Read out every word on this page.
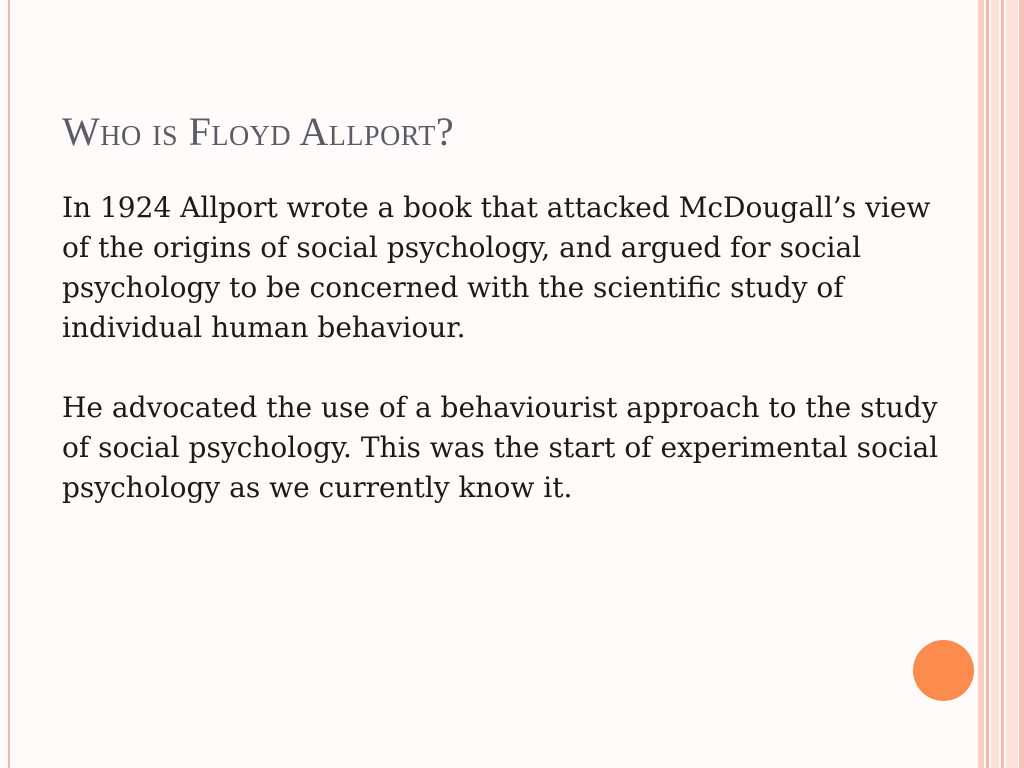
Who is Floyd Allport?

In 1924 Allport wrote a book that attacked McDougall’s view of the origins of social psychology, and argued for social psychology to be concerned with the scientific study of individual human behaviour.

He advocated the use of a behaviourist approach to the study of social psychology. This was the start of experimental social psychology as we currently know it.
